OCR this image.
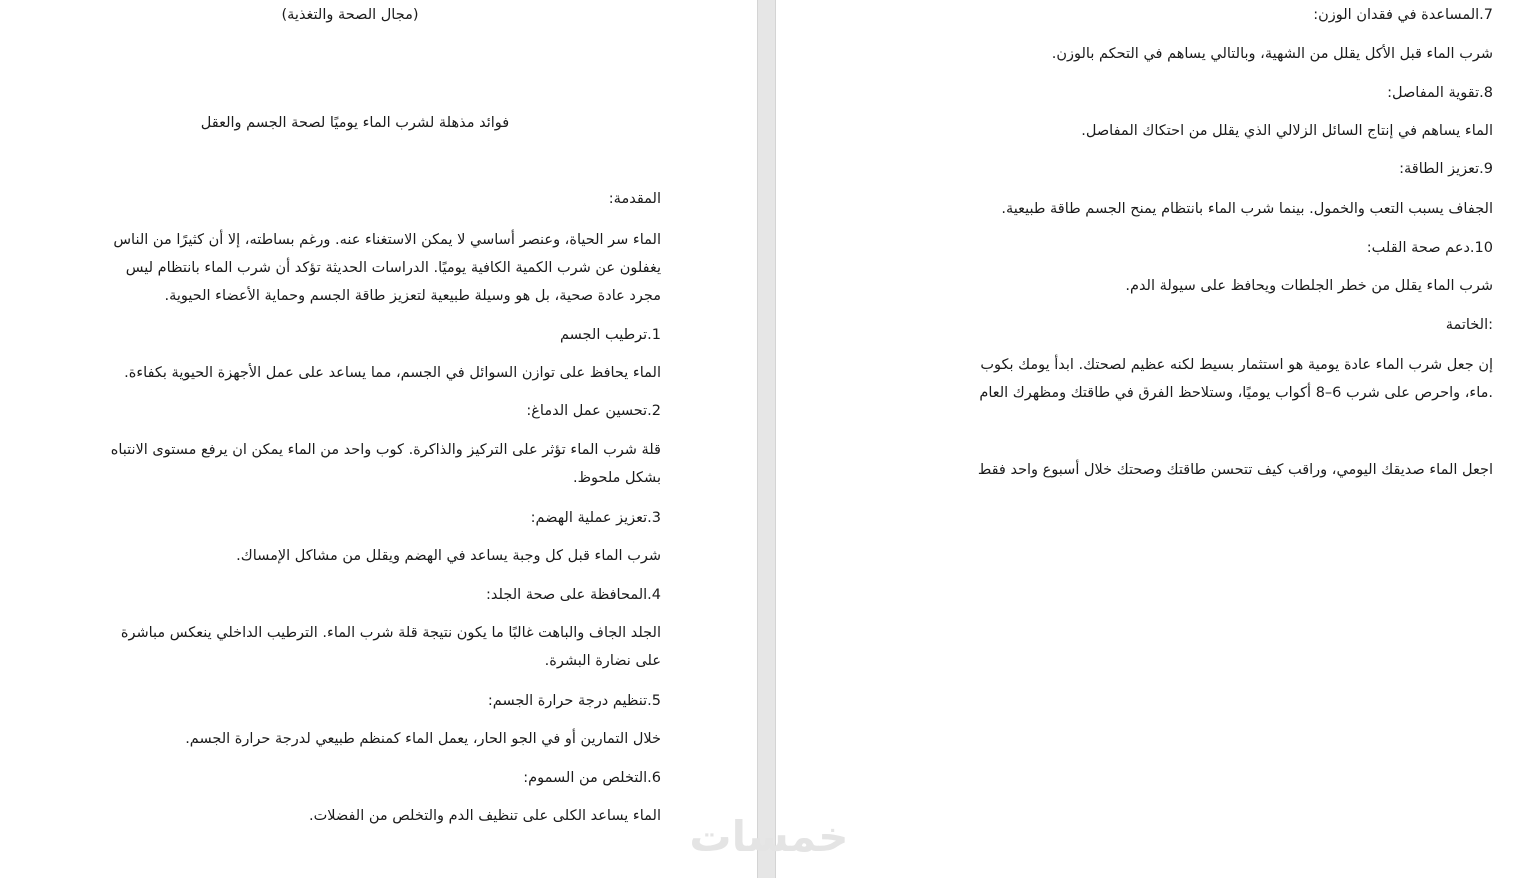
(مجال الصحة والتغذية)
فوائد مذهلة لشرب الماء يوميًا لصحة الجسم والعقل
المقدمة:
الماء سر الحياة، وعنصر أساسي لا يمكن الاستغناء عنه. ورغم بساطته، إلا أن كثيرًا من الناس
يغفلون عن شرب الكمية الكافية يوميًا. الدراسات الحديثة تؤكد أن شرب الماء بانتظام ليس
مجرد عادة صحية، بل هو وسيلة طبيعية لتعزيز طاقة الجسم وحماية الأعضاء الحيوية.
1.ترطيب الجسم
الماء يحافظ على توازن السوائل في الجسم، مما يساعد على عمل الأجهزة الحيوية بكفاءة.
2.تحسين عمل الدماغ:
قلة شرب الماء تؤثر على التركيز والذاكرة. كوب واحد من الماء يمكن ان يرفع مستوى الانتباه
بشكل ملحوظ.
3.تعزيز عملية الهضم:
شرب الماء قبل كل وجبة يساعد في الهضم ويقلل من مشاكل الإمساك.
4.المحافظة على صحة الجلد:
الجلد الجاف والباهت غالبًا ما يكون نتيجة قلة شرب الماء. الترطيب الداخلي ينعكس مباشرة
على نضارة البشرة.
5.تنظيم درجة حرارة الجسم:
خلال التمارين أو في الجو الحار، يعمل الماء كمنظم طبيعي لدرجة حرارة الجسم.
6.التخلص من السموم:
الماء يساعد الكلى على تنظيف الدم والتخلص من الفضلات.
7.المساعدة في فقدان الوزن:
شرب الماء قبل الأكل يقلل من الشهية، وبالتالي يساهم في التحكم بالوزن.
8.تقوية المفاصل:
الماء يساهم في إنتاج السائل الزلالي الذي يقلل من احتكاك المفاصل.
9.تعزيز الطاقة:
الجفاف يسبب التعب والخمول. بينما شرب الماء بانتظام يمنح الجسم طاقة طبيعية.
10.دعم صحة القلب:
شرب الماء يقلل من خطر الجلطات ويحافظ على سيولة الدم.
:الخاتمة
إن جعل شرب الماء عادة يومية هو استثمار بسيط لكنه عظيم لصحتك. ابدأ يومك بكوب
.ماء، واحرص على شرب 6–8 أكواب يوميًا، وستلاحظ الفرق في طاقتك ومظهرك العام
اجعل الماء صديقك اليومي، وراقب كيف تتحسن طاقتك وصحتك خلال أسبوع واحد فقط
خمسات
